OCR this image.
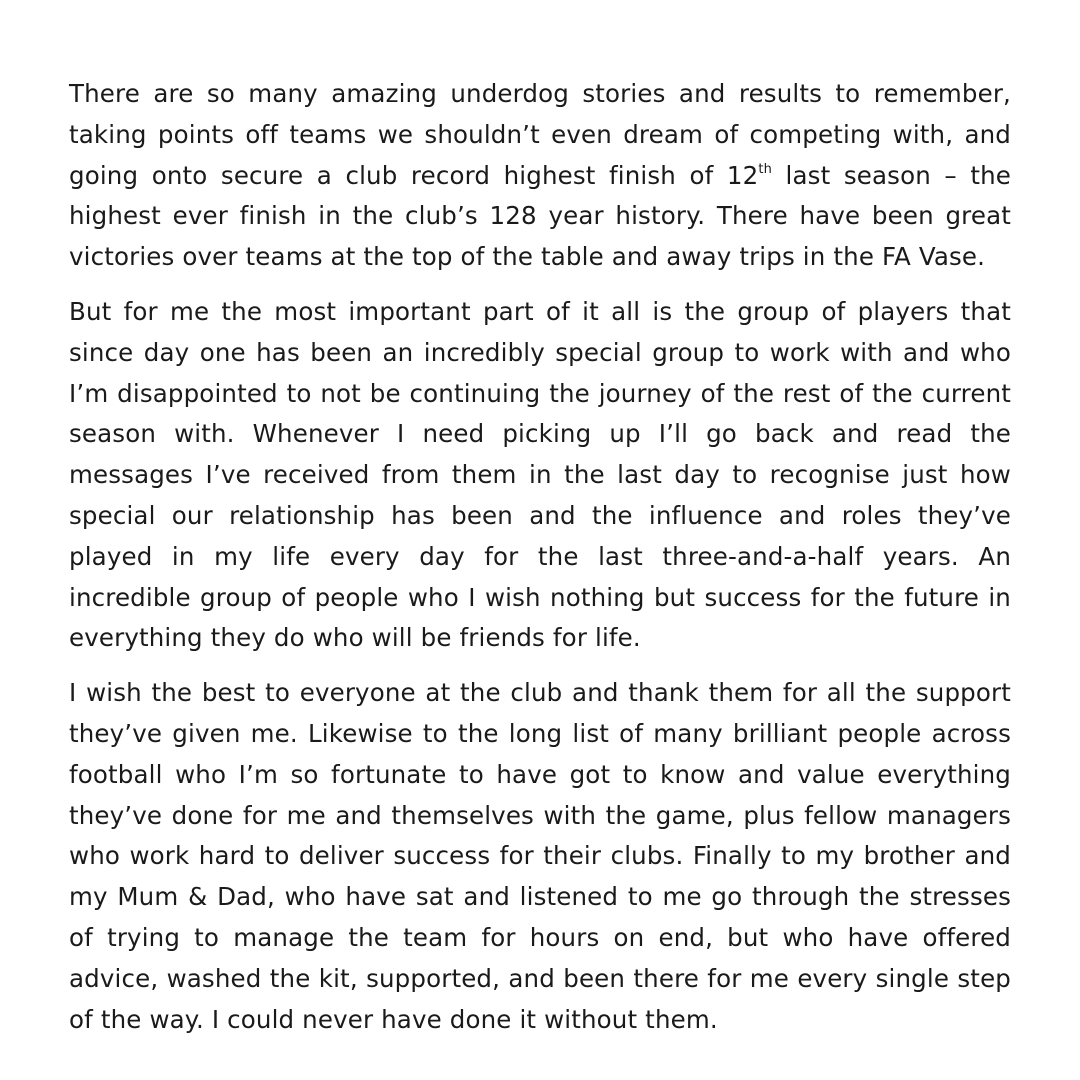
There are so many amazing underdog stories and results to remember, taking points off teams we shouldn’t even dream of competing with, and going onto secure a club record highest finish of 12th last season – the highest ever finish in the club’s 128 year history. There have been great victories over teams at the top of the table and away trips in the FA Vase.

But for me the most important part of it all is the group of players that since day one has been an incredibly special group to work with and who I’m disappointed to not be continuing the journey of the rest of the current season with. Whenever I need picking up I’ll go back and read the messages I’ve received from them in the last day to recognise just how special our relationship has been and the influence and roles they’ve played in my life every day for the last three-and-a-half years. An incredible group of people who I wish nothing but success for the future in everything they do who will be friends for life.

I wish the best to everyone at the club and thank them for all the support they’ve given me. Likewise to the long list of many brilliant people across football who I’m so fortunate to have got to know and value everything they’ve done for me and themselves with the game, plus fellow managers who work hard to deliver success for their clubs. Finally to my brother and my Mum & Dad, who have sat and listened to me go through the stresses of trying to manage the team for hours on end, but who have offered advice, washed the kit, supported, and been there for me every single step of the way. I could never have done it without them.
